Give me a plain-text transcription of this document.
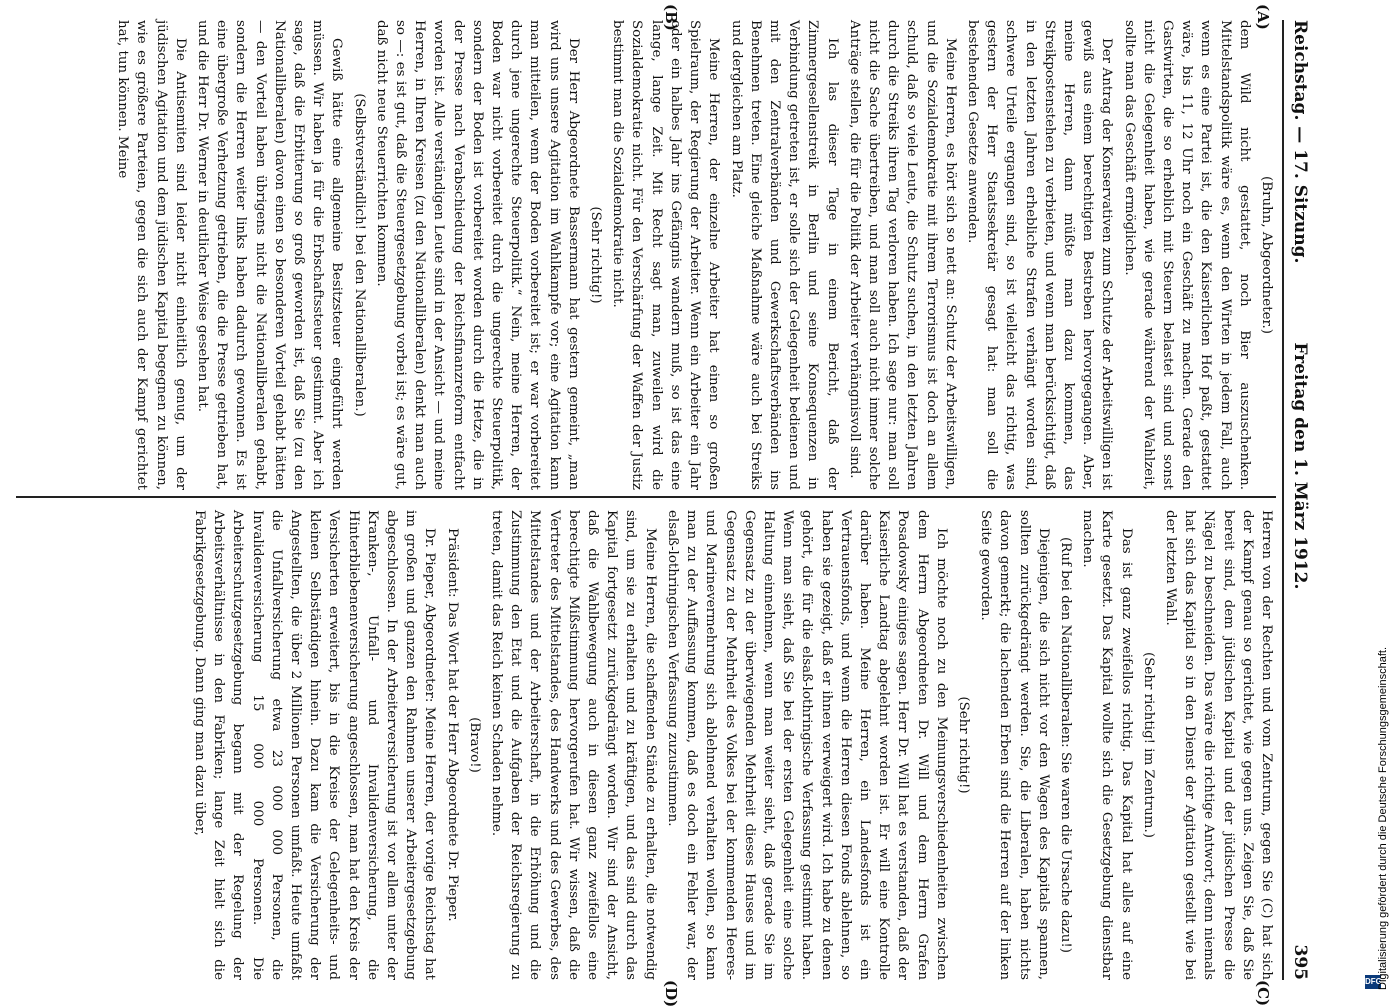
Reichstag. — 17. Sitzung.
Freitag den 1. März 1912.                                                            395
(A)
(B)
(C)
(D)

(Bruhn, Abgeordneter.)

dem Wild nicht gestattet, noch Bier auszuschenken. Mittelstandspolitik wäre es, wenn den Wirten in jedem Fall, auch wenn es eine Partei ist, die den Kaiserlichen Hof paßt, gestattet wäre, bis 11, 12 Uhr noch ein Geschäft zu machen. Gerade den Gastwirten, die so erheblich mit Steuern belastet sind und sonst nicht die Gelegenheit haben, wie gerade während der Wahlzeit, sollte man das Geschäft ermöglichen.

Der Antrag der Konservativen zum Schutze der Arbeitswilligen ist gewiß aus einem berechtigten Bestreben hervorgegangen. Aber, meine Herren, dann müßte man dazu kommen, das Streikpostenstehen zu verbieten, und wenn man berücksichtigt, daß in den letzten Jahren erhebliche Strafen verhängt worden sind, schwere Urteile ergangen sind, so ist vielleicht das richtig, was gestern der Herr Staatssekretär gesagt hat: man soll die bestehenden Gesetze anwenden.

Meine Herren, es hört sich so nett an: Schutz der Arbeitswilligen, und die Sozialdemokratie mit ihrem Terrorismus ist doch an allem schuld, daß so viele Leute, die Schutz suchen, in den letzten Jahren durch die Streiks ihren Tag verloren haben. Ich sage nur: man soll nicht die Sache übertreiben, und man soll auch nicht immer solche Anträge stellen, die für die Politik der Arbeiter verhängnisvoll sind.

Ich las dieser Tage in einem Bericht, daß der Zimmergesellenstreik in Berlin und seine Konsequenzen in Verbindung getreten ist, er solle sich der Gelegenheit bedienen und mit den Zentralverbänden und Gewerkschaftsverbänden ins Benehmen treten. Eine gleiche Maßnahme wäre auch bei Streiks und dergleichen am Platz.

Meine Herren, der einzelne Arbeiter hat einen so großen Spielraum, der Regierung der Arbeiter. Wenn ein Arbeiter ein Jahr oder ein halbes Jahr ins Gefängnis wandern muß, so ist das eine lange, lange Zeit. Mit Recht sagt man, zuweilen wird die Sozialdemokratie nicht. Für den Verschärfung der Waffen der Justiz bestimmt man die Sozialdemokratie nicht.

(Sehr richtig!)

Der Herr Abgeordnete Bassermann hat gestern gemeint, „man wird uns unsere Agitation im Wahlkampfe vor; eine Agitation kann man mitteilen, wenn der Boden vorbereitet ist; er war vorbereitet durch jene ungerechte Steuerpolitik.“ Nein, meine Herren, der Boden war nicht vorbereitet durch die ungerechte Steuerpolitik, sondern der Boden ist vorbereitet worden durch die Hetze, die in der Presse nach Verabschiedung der Reichsfinanzreform entfacht worden ist. Alle verständigen Leute sind in der Ansicht — und meine Herren, in Ihren Kreisen (zu den Nationalliberalen) denkt man auch so —: es ist gut, daß die Steuergesetzgebung vorbei ist; es wäre gut, daß nicht neue Steuerrichten kommen.

(Selbstverständlich! bei den Nationalliberalen.)

Gewiß hätte eine allgemeine Besitzsteuer eingeführt werden müssen. Wir haben ja für die Erbschaftssteuer gestimmt. Aber ich sage, daß die Erbitterung so groß geworden ist, daß Sie (zu den Nationalliberalen) davon einen so besonderen Vorteil gehabt hätten — den Vorteil haben übrigens nicht die Nationalliberalen gehabt, sondern die Herren weiter links haben dadurch gewonnen. Es ist eine übergroße Verhetzung getrieben, die die Presse getrieben hat, und die Herr Dr. Werner in deutlicher Weise gesehen hat.

Die Antisemiten sind leider nicht einheitlich genug, um der jüdischen Agitation und dem jüdischen Kapital begegnen zu können, wie es größere Parteien, gegen die sich auch der Kampf gerichtet hat, tun können. Meine

Herren von der Rechten und vom Zentrum, gegen Sie (C) hat sich der Kampf genau so gerichtet, wie gegen uns. Zeigen Sie, daß Sie bereit sind, dem jüdischen Kapital und der jüdischen Presse die Nägel zu beschneiden. Das wäre die richtige Antwort; denn niemals hat sich das Kapital so in den Dienst der Agitation gestellt wie bei der letzten Wahl.

(Sehr richtig! im Zentrum.)

Das ist ganz zweifellos richtig. Das Kapital hat alles auf eine Karte gesetzt. Das Kapital wollte sich die Gesetzgebung dienstbar machen.

(Ruf bei den Nationalliberalen: Sie waren die Ursache dazu!)

Diejenigen, die sich nicht vor den Wagen des Kapitals spannen, sollten zurückgedrängt werden. Sie, die Liberalen, haben nichts davon gemerkt; die lachenden Erben sind die Herren auf der linken Seite geworden.

(Sehr richtig!)

Ich möchte noch zu den Meinungsverschiedenheiten zwischen dem Herrn Abgeordneten Dr. Will und dem Herrn Grafen Posadowsky einiges sagen. Herr Dr. Will hat es verstanden, daß der Kaiserliche Landtag abgelehnt worden ist. Er will eine Kontrolle darüber haben. Meine Herren, ein Landesfonds ist ein Vertrauensfonds, und wenn die Herren diesen Fonds ablehnen, so haben sie gezeigt, daß er ihnen verweigert wird. Ich habe zu denen gehört, die für die elsaß-lothringische Verfassung gestimmt haben. Wenn man sieht, daß Sie bei der ersten Gelegenheit eine solche Haltung einnehmen, wenn man weiter sieht, daß gerade Sie im Gegensatz zu der überwiegenden Mehrheit dieses Hauses und im Gegensatz zu der Mehrheit des Volkes bei der kommenden Heeres- und Marinevermehrung sich ablehnend verhalten wollen, so kann man zu der Auffassung kommen, daß es doch ein Fehler war, der elsaß-lothringischen Verfassung zuzustimmen.

Meine Herren, die schaffenden Stände zu erhalten, die notwendig sind, um sie zu erhalten und zu kräftigen, und das sind durch das Kapital fortgesetzt zurückgedrängt worden. Wir sind der Ansicht, daß die Wahlbewegung auch in diesen ganz zweifellos eine berechtigte Mißstimmung hervorgerufen hat. Wir wissen, daß die Vertreter des Mittelstandes, des Handwerks und des Gewerbes, des Mittelstandes und der Arbeiterschaft, in die Erhöhung und die Zustimmung den Etat und die Aufgaben der Reichsregierung zu treten, damit das Reich keinen Schaden nehme.

(Bravo!)

Präsident: Das Wort hat der Herr Abgeordnete Dr. Pieper.

Dr. Pieper, Abgeordneter: Meine Herren, der vorige Reichstag hat im großen und ganzen den Rahmen unserer Arbeitergesetzgebung abgeschlossen. In der Arbeiterversicherung ist vor allem unter der Kranken-, Unfall- und Invalidenversicherung, die Hinterbliebenenversicherung angeschlossen, man hat den Kreis der Versicherten erweitert, bis in die Kreise der Gelegenheits- und kleinen Selbständigen hinein. Dazu kam die Versicherung der Angestellten, die über 2 Millionen Personen umfaßt. Heute umfaßt die Unfallversicherung etwa 23 000 000 Personen, die Invalidenversicherung 15 000 000 Personen. Die Arbeiterschutzgesetzgebung begann mit der Regelung der Arbeitsverhältnisse in den Fabriken; lange Zeit hielt sich die Fabrikgesetzgebung. Dann ging man dazu über,

DFG
Digitalisierung gefördert durch die Deutsche Forschungsgemeinschaft.
